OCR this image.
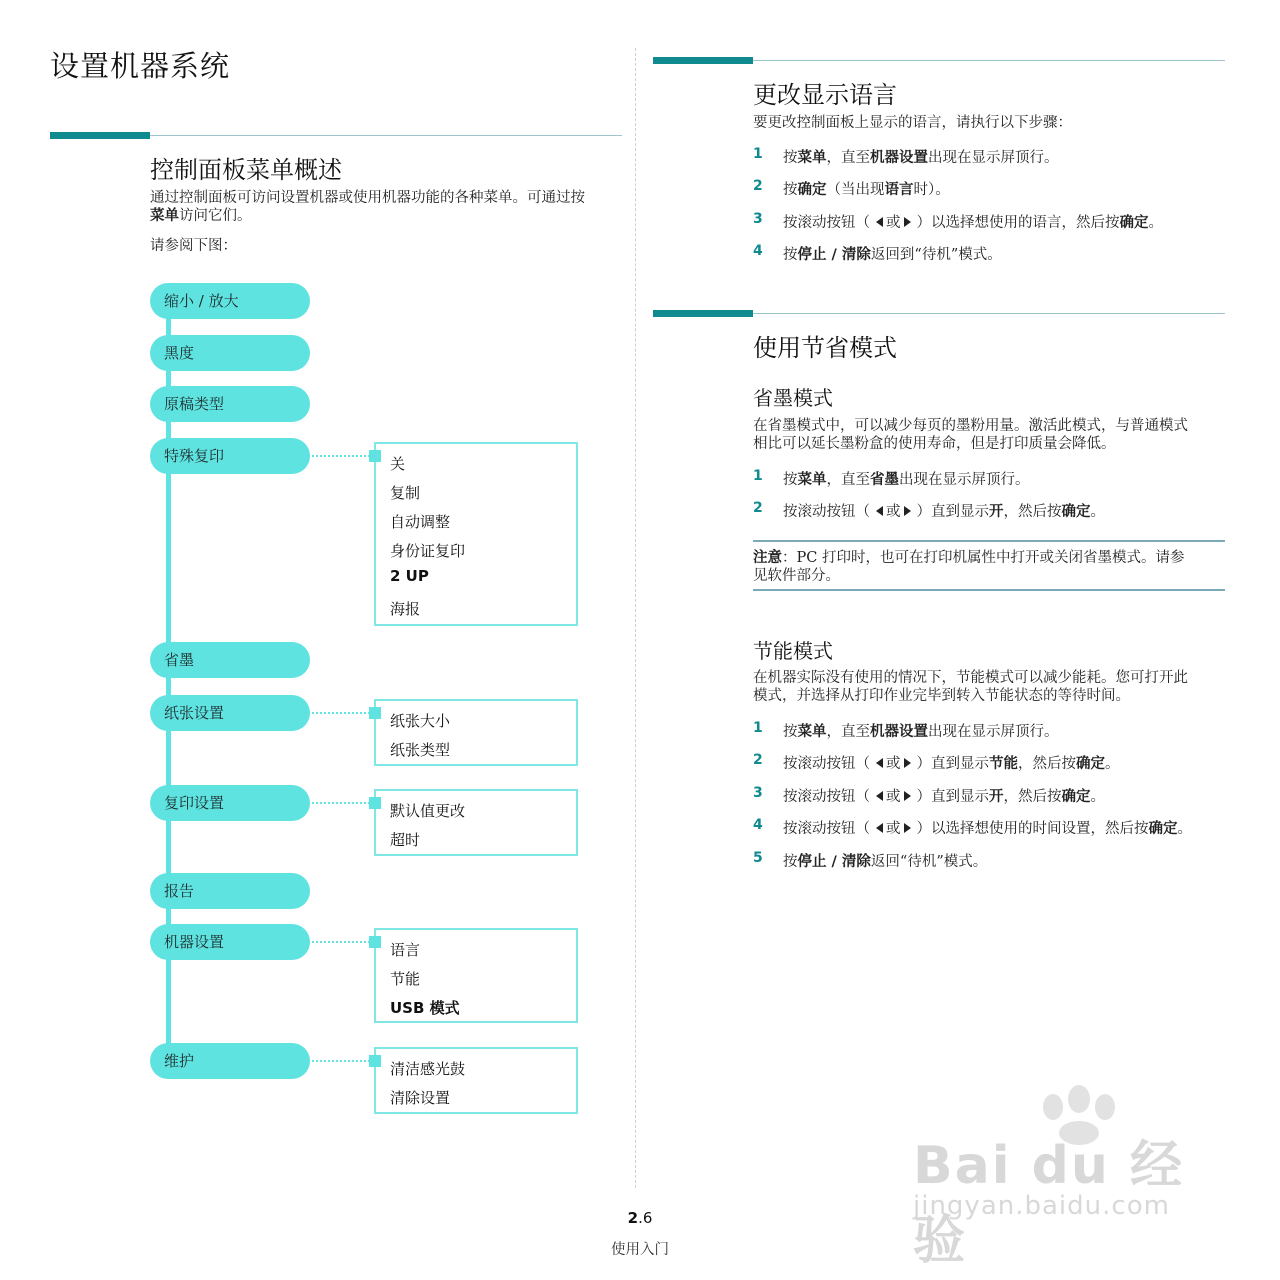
设置机器系统
控制面板菜单概述
通过控制面板可访问设置机器或使用机器功能的各种菜单。可通过按
菜单访问它们。
请参阅下图：
缩小 / 放大
黑度
原稿类型
特殊复印
省墨
纸张设置
复印设置
报告
机器设置
维护
关
复制
自动调整
身份证复印
2 UP
海报
纸张大小
纸张类型
默认值更改
超时
语言
节能
USB 模式
清洁感光鼓
清除设置
更改显示语言
要更改控制面板上显示的语言，请执行以下步骤：
1 按菜单，直至机器设置出现在显示屏顶行。
2 按确定（当出现语言时）。
3 按滚动按钮（ 或 ）以选择想使用的语言，然后按确定。
4 按停止 / 清除返回到“待机”模式。
使用节省模式
省墨模式
在省墨模式中，可以减少每页的墨粉用量。激活此模式，与普通模式
相比可以延长墨粉盒的使用寿命，但是打印质量会降低。
1 按菜单，直至省墨出现在显示屏顶行。
2 按滚动按钮（ 或 ）直到显示开，然后按确定。
注意：PC 打印时，也可在打印机属性中打开或关闭省墨模式。请参
见软件部分。
节能模式
在机器实际没有使用的情况下，节能模式可以减少能耗。您可打开此
模式，并选择从打印作业完毕到转入节能状态的等待时间。
1 按菜单，直至机器设置出现在显示屏顶行。
2 按滚动按钮（ 或 ）直到显示节能，然后按确定。
3 按滚动按钮（ 或 ）直到显示开，然后按确定。
4 按滚动按钮（ 或 ）以选择想使用的时间设置，然后按确定。
5 按停止 / 清除返回“待机”模式。
2.6
使用入门
Bai du 经验
jingyan.baidu.com
